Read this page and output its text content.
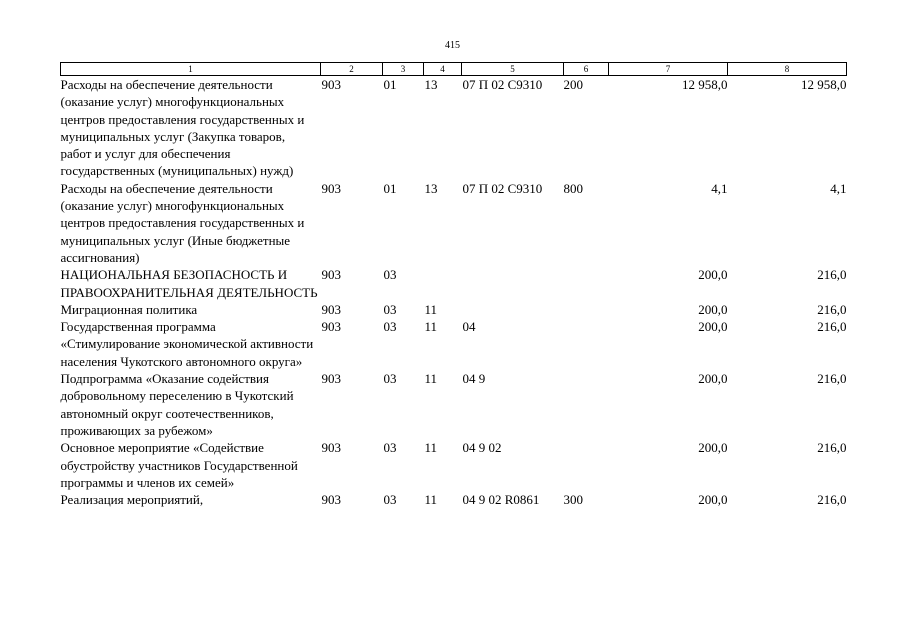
415
1	2	3	4	5	6	7	8
Расходы на обеспечение деятельности (оказание услуг) многофункциональных центров предоставления государственных и муниципальных услуг (Закупка товаров, работ и услуг для обеспечения государственных (муниципальных) нужд)	903	01	13	07 П 02 С9310	200	12 958,0	12 958,0
Расходы на обеспечение деятельности (оказание услуг) многофункциональных центров предоставления государственных и муниципальных услуг (Иные бюджетные ассигнования)	903	01	13	07 П 02 С9310	800	4,1	4,1
НАЦИОНАЛЬНАЯ БЕЗОПАСНОСТЬ И ПРАВООХРАНИТЕЛЬНАЯ ДЕЯТЕЛЬНОСТЬ	903	03				200,0	216,0
Миграционная политика	903	03	11			200,0	216,0
Государственная программа «Стимулирование экономической активности населения Чукотского автономного округа»	903	03	11	04		200,0	216,0
Подпрограмма «Оказание содействия добровольному переселению в Чукотский автономный округ соотечественников, проживающих за рубежом»	903	03	11	04 9		200,0	216,0
Основное мероприятие «Содействие обустройству участников Государственной программы и членов их семей»	903	03	11	04 9 02		200,0	216,0
Реализация мероприятий,	903	03	11	04 9 02 R0861	300	200,0	216,0
